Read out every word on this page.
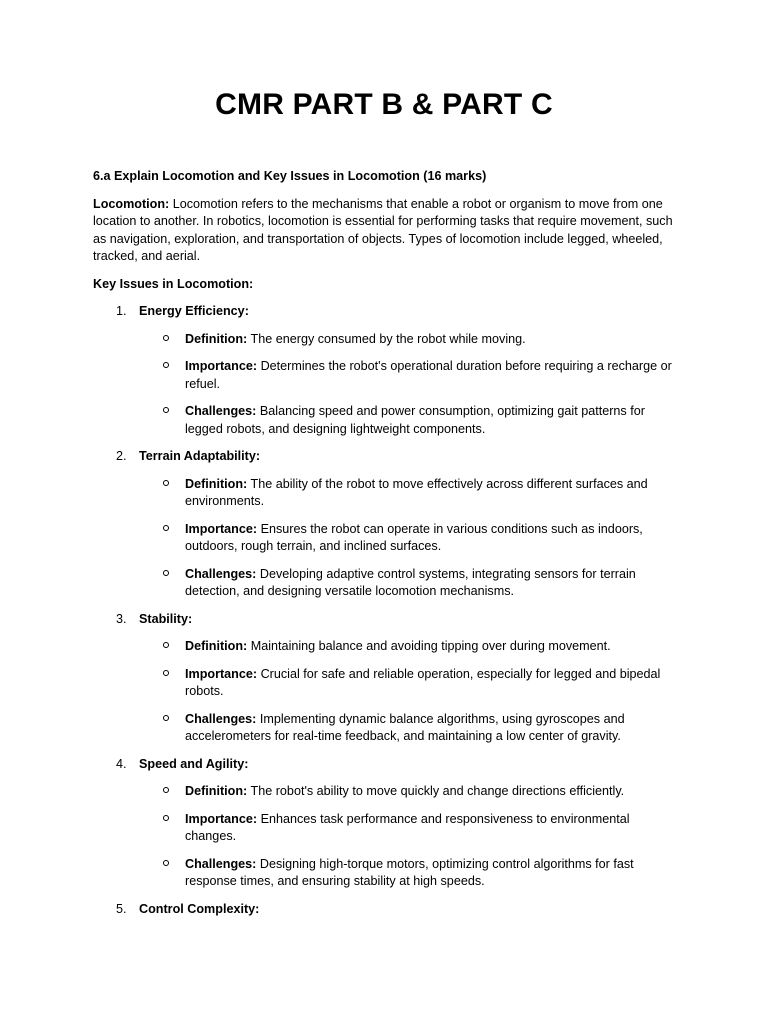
CMR PART B & PART C

6.a Explain Locomotion and Key Issues in Locomotion (16 marks)

Locomotion: Locomotion refers to the mechanisms that enable a robot or organism to move from one location to another. In robotics, locomotion is essential for performing tasks that require movement, such as navigation, exploration, and transportation of objects. Types of locomotion include legged, wheeled, tracked, and aerial.

Key Issues in Locomotion:

1. Energy Efficiency:
Definition: The energy consumed by the robot while moving.
Importance: Determines the robot's operational duration before requiring a recharge or refuel.
Challenges: Balancing speed and power consumption, optimizing gait patterns for legged robots, and designing lightweight components.
2. Terrain Adaptability:
Definition: The ability of the robot to move effectively across different surfaces and environments.
Importance: Ensures the robot can operate in various conditions such as indoors, outdoors, rough terrain, and inclined surfaces.
Challenges: Developing adaptive control systems, integrating sensors for terrain detection, and designing versatile locomotion mechanisms.
3. Stability:
Definition: Maintaining balance and avoiding tipping over during movement.
Importance: Crucial for safe and reliable operation, especially for legged and bipedal robots.
Challenges: Implementing dynamic balance algorithms, using gyroscopes and accelerometers for real-time feedback, and maintaining a low center of gravity.
4. Speed and Agility:
Definition: The robot's ability to move quickly and change directions efficiently.
Importance: Enhances task performance and responsiveness to environmental changes.
Challenges: Designing high-torque motors, optimizing control algorithms for fast response times, and ensuring stability at high speeds.
5. Control Complexity:
